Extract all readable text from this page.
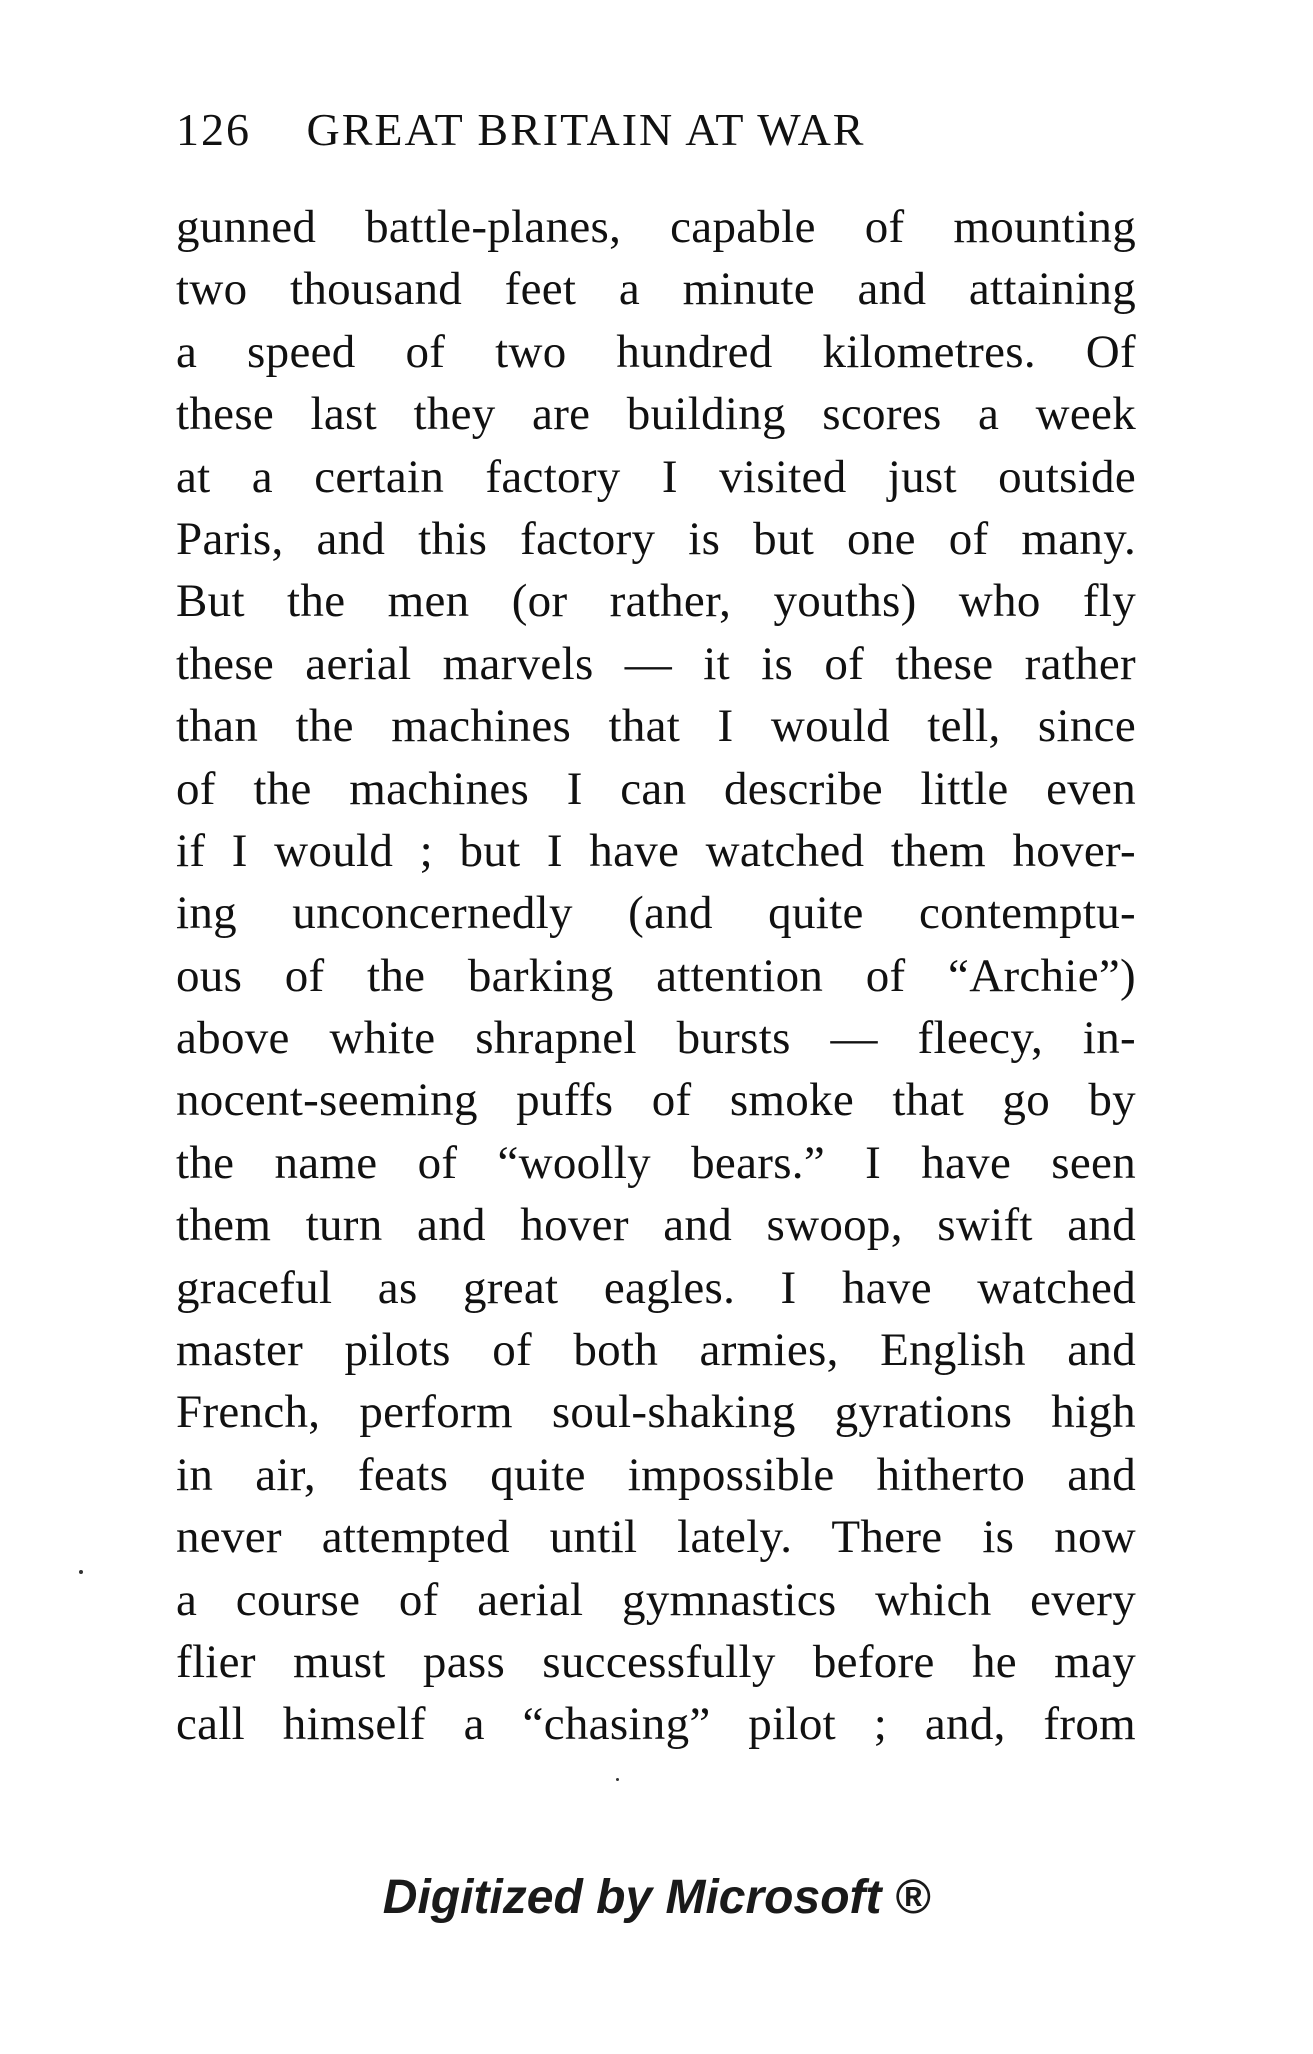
126 GREAT BRITAIN AT WAR
gunned battle-planes, capable of mounting
two thousand feet a minute and attaining
a speed of two hundred kilometres. Of
these last they are building scores a week
at a certain factory I visited just outside
Paris, and this factory is but one of many.
But the men (or rather, youths) who fly
these aerial marvels — it is of these rather
than the machines that I would tell, since
of the machines I can describe little even
if I would ; but I have watched them hover-
ing unconcernedly (and quite contemptu-
ous of the barking attention of “Archie”)
above white shrapnel bursts — fleecy, in-
nocent-seeming puffs of smoke that go by
the name of “woolly bears.” I have seen
them turn and hover and swoop, swift and
graceful as great eagles. I have watched
master pilots of both armies, English and
French, perform soul-shaking gyrations high
in air, feats quite impossible hitherto and
never attempted until lately. There is now
a course of aerial gymnastics which every
flier must pass successfully before he may
call himself a “chasing” pilot ; and, from
Digitized by Microsoft ®
